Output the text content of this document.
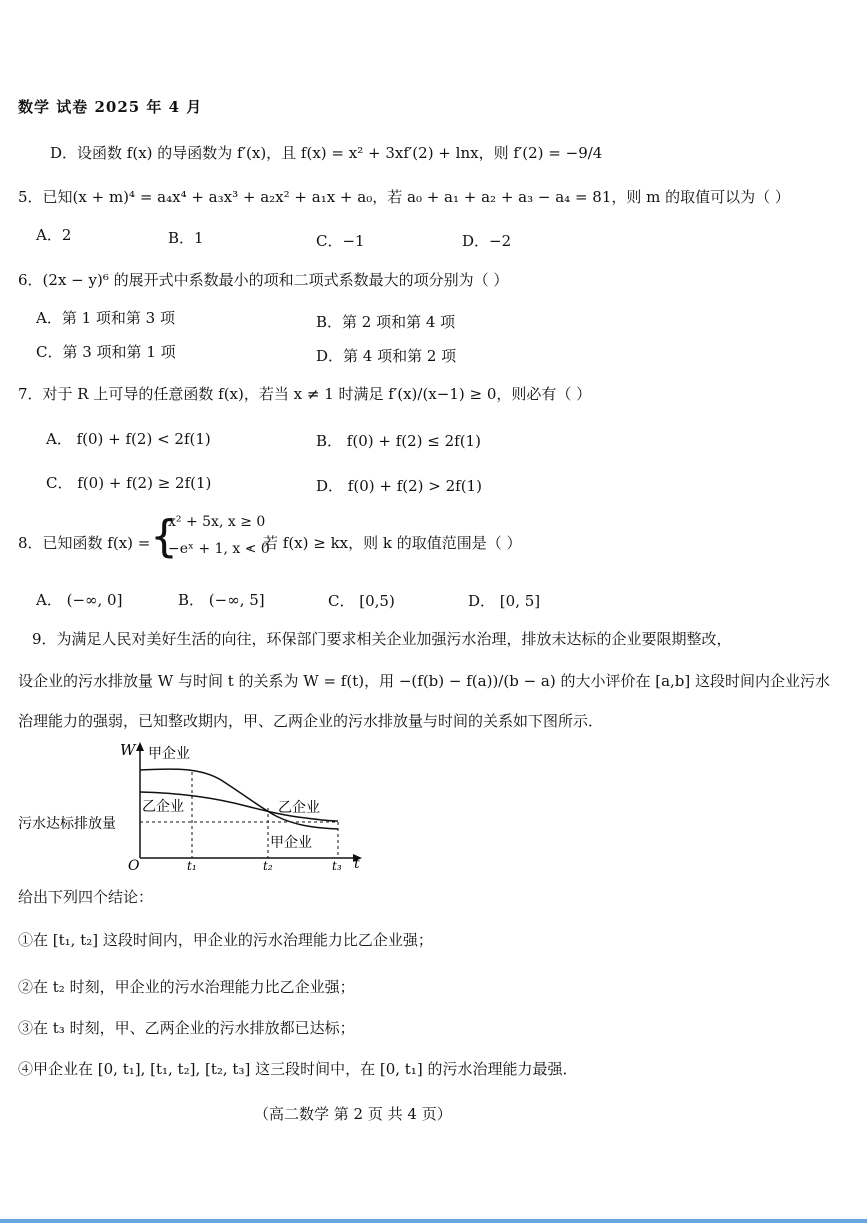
数学 试卷 2025 年 4 月
D．设函数 f(x) 的导函数为 f′(x)，且 f(x) = x² + 3xf′(2) + lnx，则 f′(2) = −9/4
5．已知(x + m)⁴ = a₄x⁴ + a₃x³ + a₂x² + a₁x + a₀，若 a₀ + a₁ + a₂ + a₃ − a₄ = 81，则 m 的取值可以为（ ）
A．2	B．1	C．−1	D．−2
6．(2x − y)⁶ 的展开式中系数最小的项和二项式系数最大的项分别为（ ）
A．第 1 项和第 3 项	B．第 2 项和第 4 项
C．第 3 项和第 1 项	D．第 4 项和第 2 项
7．对于 R 上可导的任意函数 f(x)，若当 x ≠ 1 时满足 f′(x)/(x−1) ≥ 0，则必有（ ）
A． f(0) + f(2) < 2f(1)	B． f(0) + f(2) ≤ 2f(1)
C． f(0) + f(2) ≥ 2f(1)	D． f(0) + f(2) > 2f(1)
8．已知函数 f(x) = {
x² + 5x, x ≥ 0
−eˣ + 1, x < 0
，若 f(x) ≥ kx，则 k 的取值范围是（ ）
A． (−∞, 0]	B． (−∞, 5]	C． [0,5)	D． [0, 5]
9．为满足人民对美好生活的向往，环保部门要求相关企业加强污水治理，排放未达标的企业要限期整改，
设企业的污水排放量 W 与时间 t 的关系为 W = f(t)，用 −(f(b) − f(a))/(b − a) 的大小评价在 [a,b] 这段时间内企业污水
治理能力的强弱，已知整改期内，甲、乙两企业的污水排放量与时间的关系如下图所示．
W 甲企业
乙企业	乙企业
甲企业
污水达标排放量
O	t₁	t₂	t₃ t
给出下列四个结论：
①在 [t₁, t₂] 这段时间内，甲企业的污水治理能力比乙企业强；
②在 t₂ 时刻，甲企业的污水治理能力比乙企业强；
③在 t₃ 时刻，甲、乙两企业的污水排放都已达标；
④甲企业在 [0, t₁], [t₁, t₂], [t₂, t₃] 这三段时间中，在 [0, t₁] 的污水治理能力最强．
（高二数学 第 2 页 共 4 页）
